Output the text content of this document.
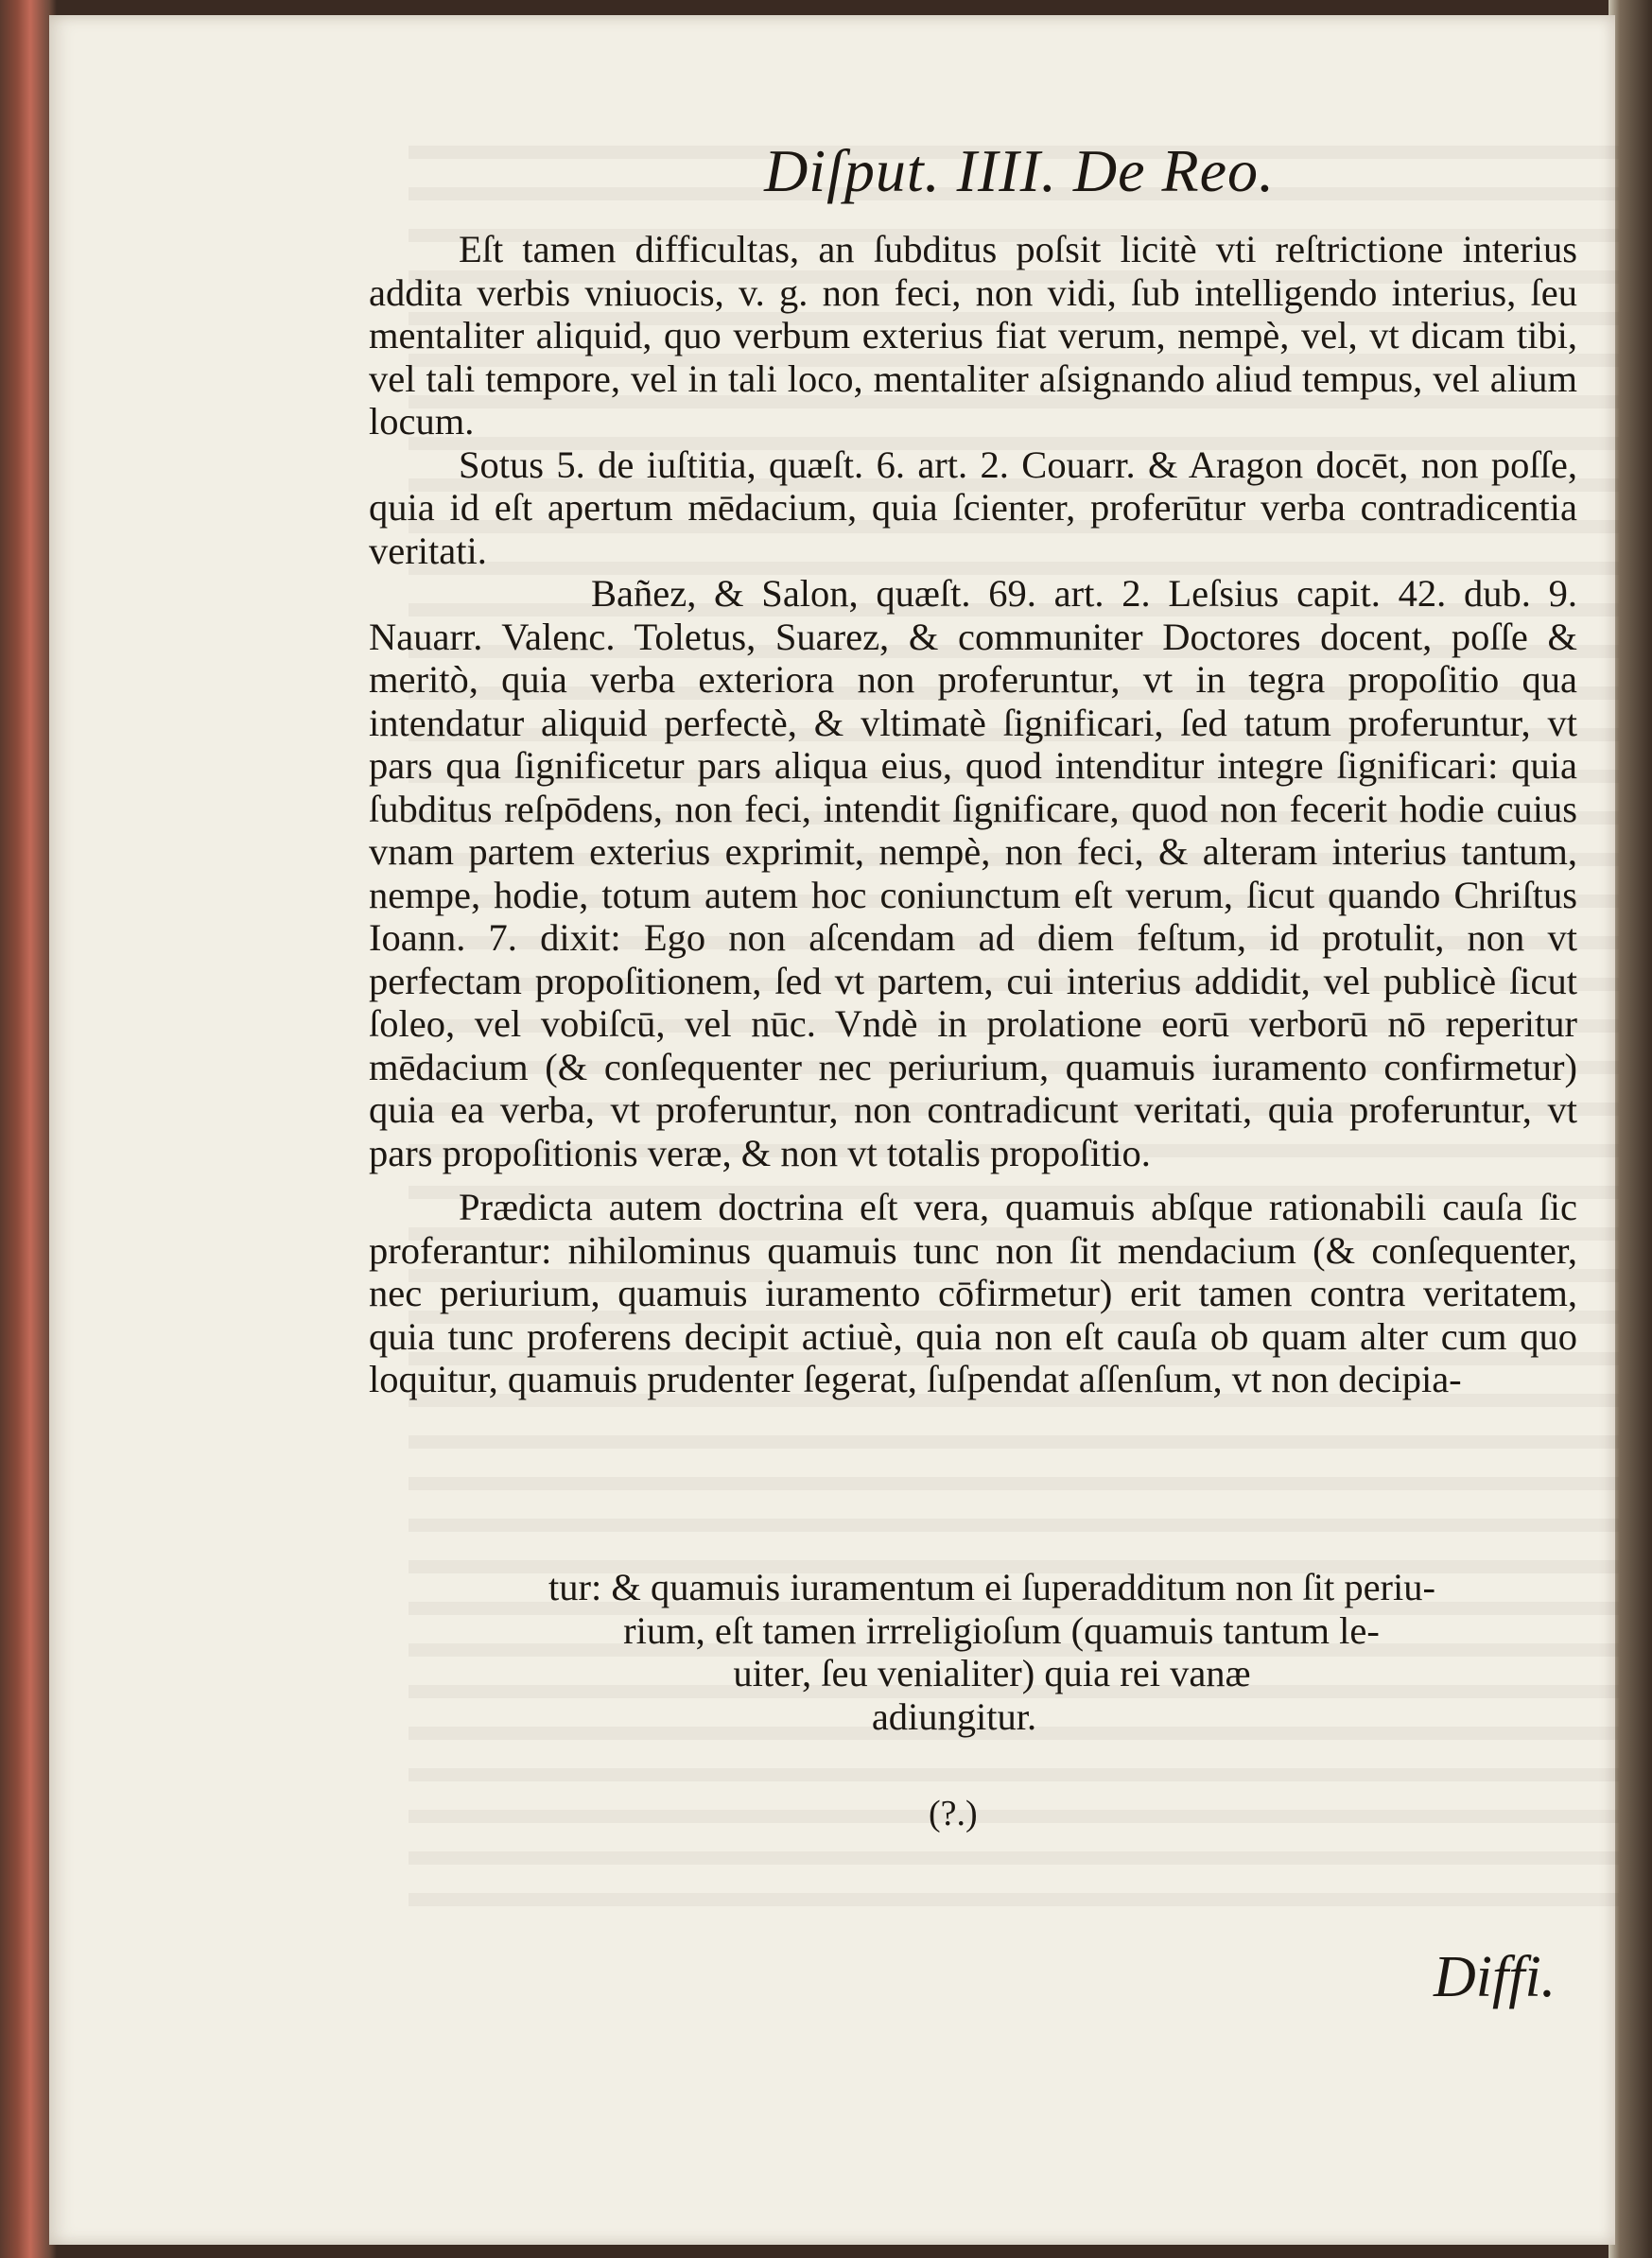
Diſput. IIII. De Reo.

Eſt tamen difficultas, an ſubditus poſsit licitè vti reſtrictione interius addita verbis vniuocis, v. g. non feci, non vidi, ſub intelligendo interius, ſeu mentaliter aliquid, quo verbum exterius fiat verum, nempè, vel, vt dicam tibi, vel tali tempore, vel in tali loco, mentaliter aſsignando aliud tempus, vel alium locum.

Sotus 5. de iuſtitia, quæſt. 6. art. 2. Couarr. & Aragon docēt, non poſſe, quia id eſt apertum mēdacium, quia ſcienter, proferūtur verba contradicentia veritati.

Bañez, & Salon, quæſt. 69. art. 2. Leſsius capit. 42. dub. 9. Nauarr. Valenc. Toletus, Suarez, & communiter Doctores docent, poſſe & meritò, quia verba exteriora non proferuntur, vt in tegra propoſitio qua intendatur aliquid perfectè, & vltimatè ſignificari, ſed tatum proferuntur, vt pars qua ſignificetur pars aliqua eius, quod intenditur integre ſignificari: quia ſubditus reſpōdens, non feci, intendit ſignificare, quod non fecerit hodie cuius vnam partem exterius exprimit, nempè, non feci, & alteram interius tantum, nempe, hodie, totum autem hoc coniunctum eſt verum, ſicut quando Chriſtus Ioann. 7. dixit: Ego non aſcendam ad diem feſtum, id protulit, non vt perfectam propoſitionem, ſed vt partem, cui interius addidit, vel publicè ſicut ſoleo, vel vobiſcū, vel nūc. Vndè in prolatione eorū verborū nō reperitur mēdacium (& conſequenter nec periurium, quamuis iuramento confirmetur) quia ea verba, vt proferuntur, non contradicunt veritati, quia proferuntur, vt pars propoſitionis veræ, & non vt totalis propoſitio.

Prædicta autem doctrina eſt vera, quamuis abſque rationabili cauſa ſic proferantur: nihilominus quamuis tunc non ſit mendacium (& conſequenter, nec periurium, quamuis iuramento cōfirmetur) erit tamen contra veritatem, quia tunc proferens decipit actiuè, quia non eſt cauſa ob quam alter cum quo loquitur, quamuis prudenter ſegerat, ſuſpendat aſſenſum, vt non decipia-

tur: & quamuis iuramentum ei ſuperadditum non ſit periu-
rium, eſt tamen irrreligioſum (quamuis tantum le-
uiter, ſeu venialiter) quia rei vanæ
adiungitur.
(?.)
Diffi.
